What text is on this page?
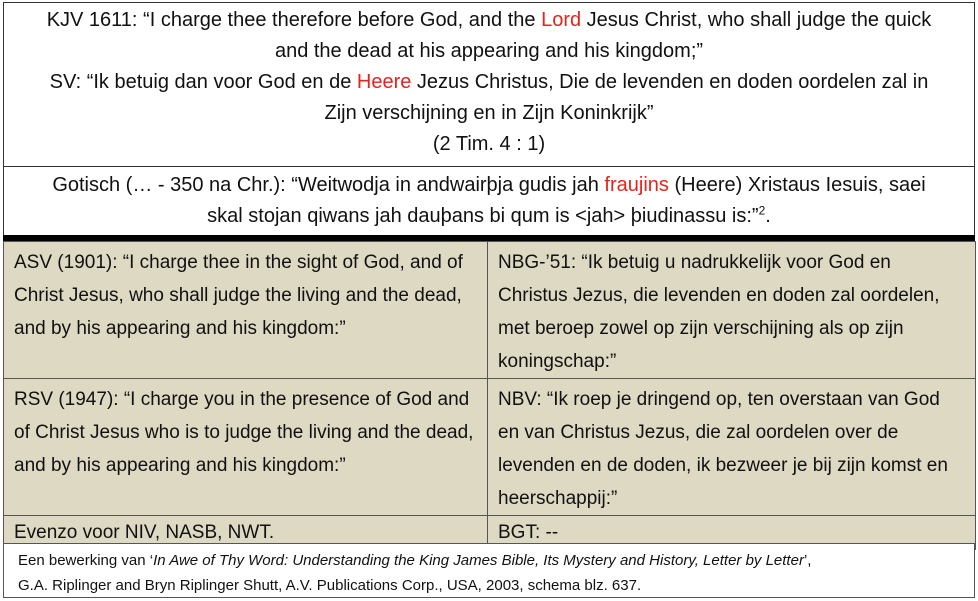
KJV 1611: “I charge thee therefore before God, and the Lord Jesus Christ, who shall judge the quick
and the dead at his appearing and his kingdom;”
SV: “Ik betuig dan voor God en de Heere Jezus Christus, Die de levenden en doden oordelen zal in
Zijn verschijning en in Zijn Koninkrijk”
(2 Tim. 4 : 1)
Gotisch (… - 350 na Chr.): “Weitwodja in andwairþja gudis jah fraujins (Heere) Xristaus Iesuis, saei
skal stojan qiwans jah dauþans bi qum is <jah> þiudinassu is:”$^2$.
ASV (1901): “I charge thee in the sight of God, and of Christ Jesus, who shall judge the living and the dead, and by his appearing and his kingdom:”	NBG-’51: “Ik betuig u nadrukkelijk voor God en Christus Jezus, die levenden en doden zal oordelen, met beroep zowel op zijn verschijning als op zijn koningschap:”
RSV (1947): “I charge you in the presence of God and of Christ Jesus who is to judge the living and the dead, and by his appearing and his kingdom:”	NBV: “Ik roep je dringend op, ten overstaan van God en van Christus Jezus, die zal oordelen over de levenden en de doden, ik bezweer je bij zijn komst en heerschappij:”
Evenzo voor NIV, NASB, NWT.	BGT: --
Een bewerking van ‘In Awe of Thy Word: Understanding the King James Bible, Its Mystery and History, Letter by Letter’,
G.A. Riplinger and Bryn Riplinger Shutt, A.V. Publications Corp., USA, 2003, schema blz. 637.
